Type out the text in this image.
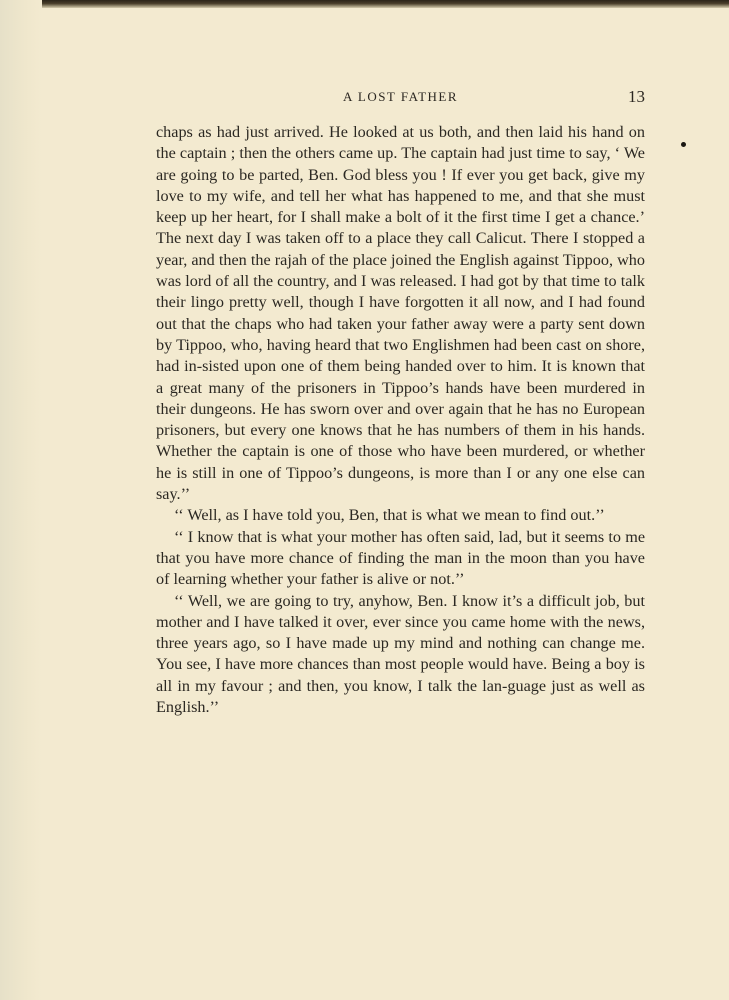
A LOST FATHER	13

chaps as had just arrived. He looked at us both, and then laid his hand on the captain ; then the others came up. The captain had just time to say, ‘ We are going to be parted, Ben. God bless you ! If ever you get back, give my love to my wife, and tell her what has happened to me, and that she must keep up her heart, for I shall make a bolt of it the first time I get a chance.’ The next day I was taken off to a place they call Calicut. There I stopped a year, and then the rajah of the place joined the English against Tippoo, who was lord of all the country, and I was released. I had got by that time to talk their lingo pretty well, though I have forgotten it all now, and I had found out that the chaps who had taken your father away were a party sent down by Tippoo, who, having heard that two Englishmen had been cast on shore, had in-sisted upon one of them being handed over to him. It is known that a great many of the prisoners in Tippoo’s hands have been murdered in their dungeons. He has sworn over and over again that he has no European prisoners, but every one knows that he has numbers of them in his hands. Whether the captain is one of those who have been murdered, or whether he is still in one of Tippoo’s dungeons, is more than I or any one else can say.’’

‘‘ Well, as I have told you, Ben, that is what we mean to find out.’’

‘‘ I know that is what your mother has often said, lad, but it seems to me that you have more chance of finding the man in the moon than you have of learning whether your father is alive or not.’’

‘‘ Well, we are going to try, anyhow, Ben. I know it’s a difficult job, but mother and I have talked it over, ever since you came home with the news, three years ago, so I have made up my mind and nothing can change me. You see, I have more chances than most people would have. Being a boy is all in my favour ; and then, you know, I talk the lan-guage just as well as English.’’
